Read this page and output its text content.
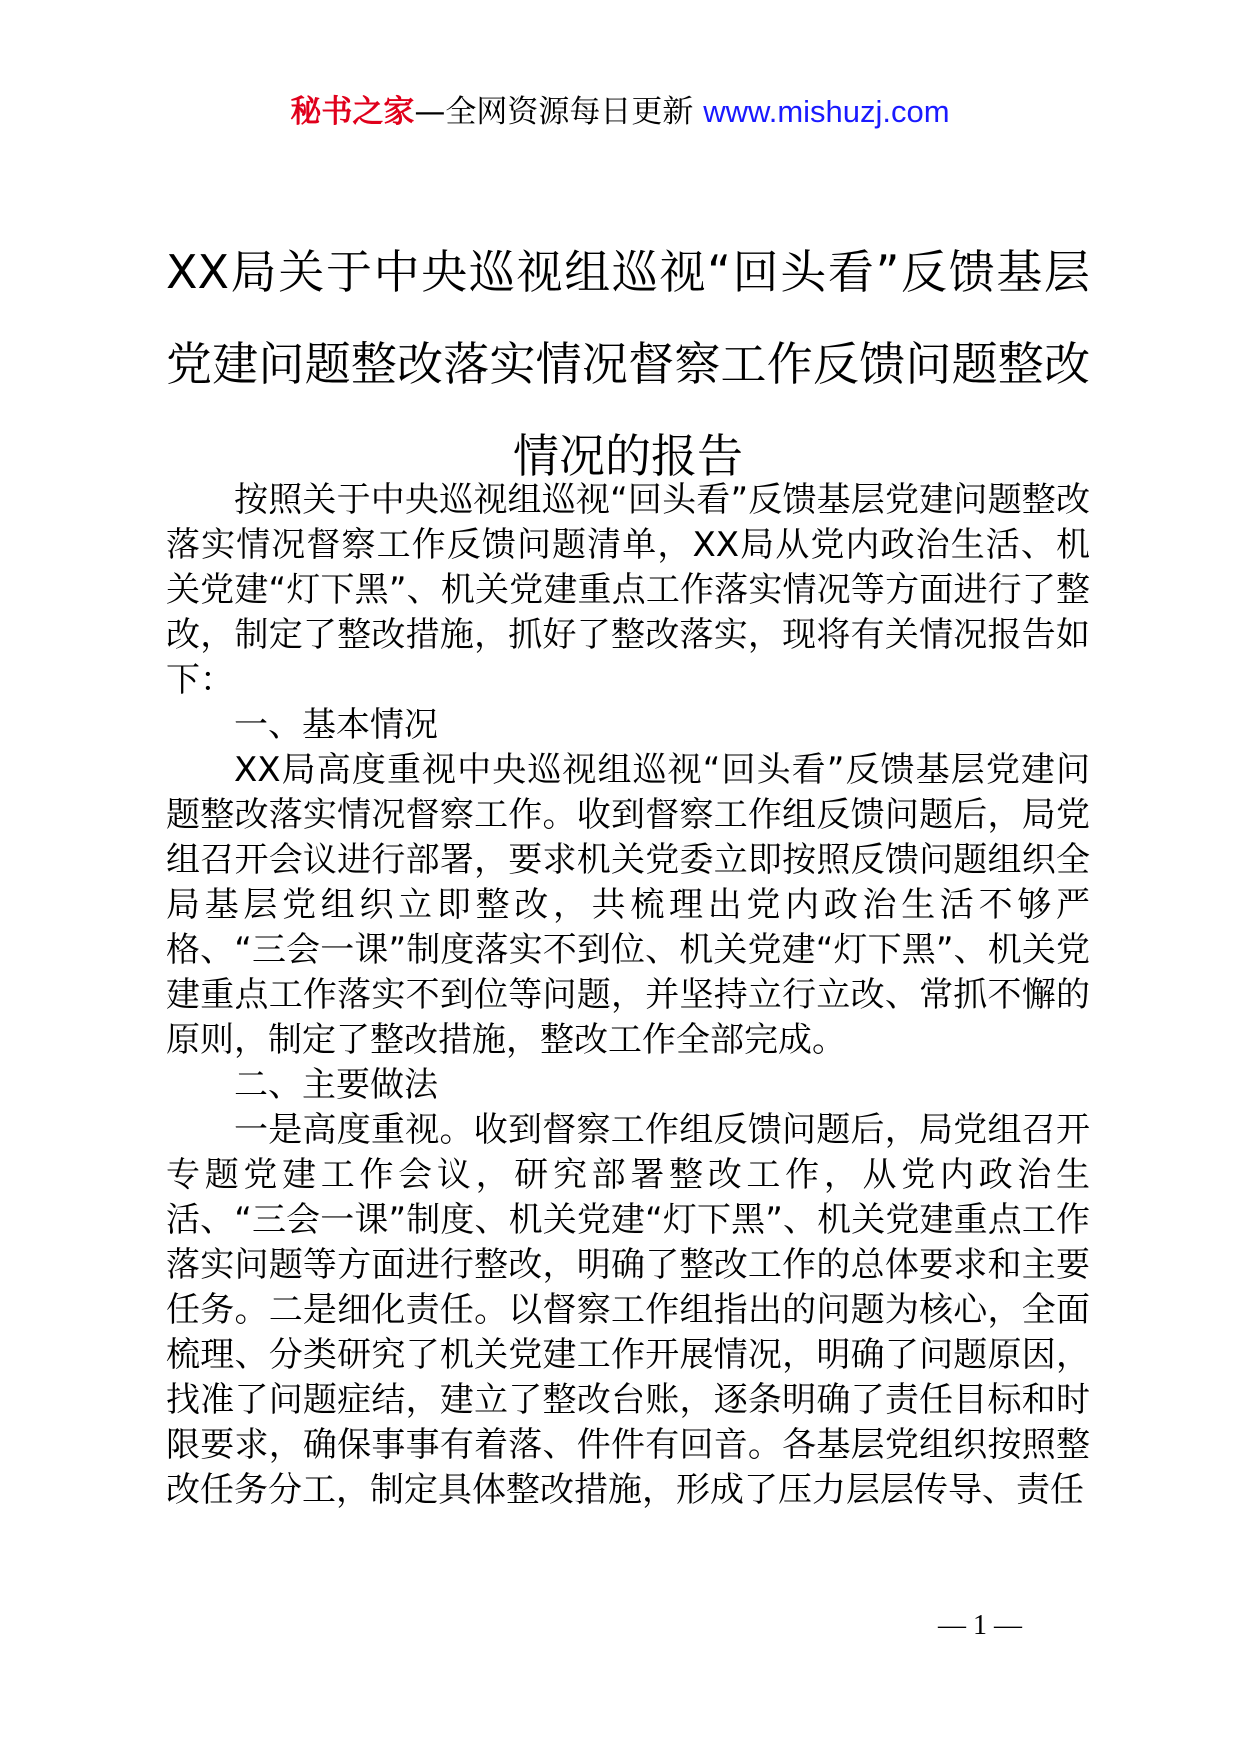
秘书之家—全网资源每日更新 www.mishuzj.com
XX局关于中央巡视组巡视“回头看”反馈基层党建问题整改落实情况督察工作反馈问题整改情况的报告

按照关于中央巡视组巡视“回头看”反馈基层党建问题整改落实情况督察工作反馈问题清单，XX局从党内政治生活、机关党建“灯下黑”、机关党建重点工作落实情况等方面进行了整改，制定了整改措施，抓好了整改落实，现将有关情况报告如下：

一、基本情况

XX局高度重视中央巡视组巡视“回头看”反馈基层党建问题整改落实情况督察工作。收到督察工作组反馈问题后，局党组召开会议进行部署，要求机关党委立即按照反馈问题组织全局基层党组织立即整改，共梳理出党内政治生活不够严格、“三会一课”制度落实不到位、机关党建“灯下黑”、机关党建重点工作落实不到位等问题，并坚持立行立改、常抓不懈的原则，制定了整改措施，整改工作全部完成。

二、主要做法

一是高度重视。收到督察工作组反馈问题后，局党组召开专题党建工作会议，研究部署整改工作，从党内政治生活、“三会一课”制度、机关党建“灯下黑”、机关党建重点工作落实问题等方面进行整改，明确了整改工作的总体要求和主要任务。二是细化责任。以督察工作组指出的问题为核心，全面梳理、分类研究了机关党建工作开展情况，明确了问题原因，找准了问题症结，建立了整改台账，逐条明确了责任目标和时限要求，确保事事有着落、件件有回音。各基层党组织按照整改任务分工，制定具体整改措施，形成了压力层层传导、责任

— 1 —
